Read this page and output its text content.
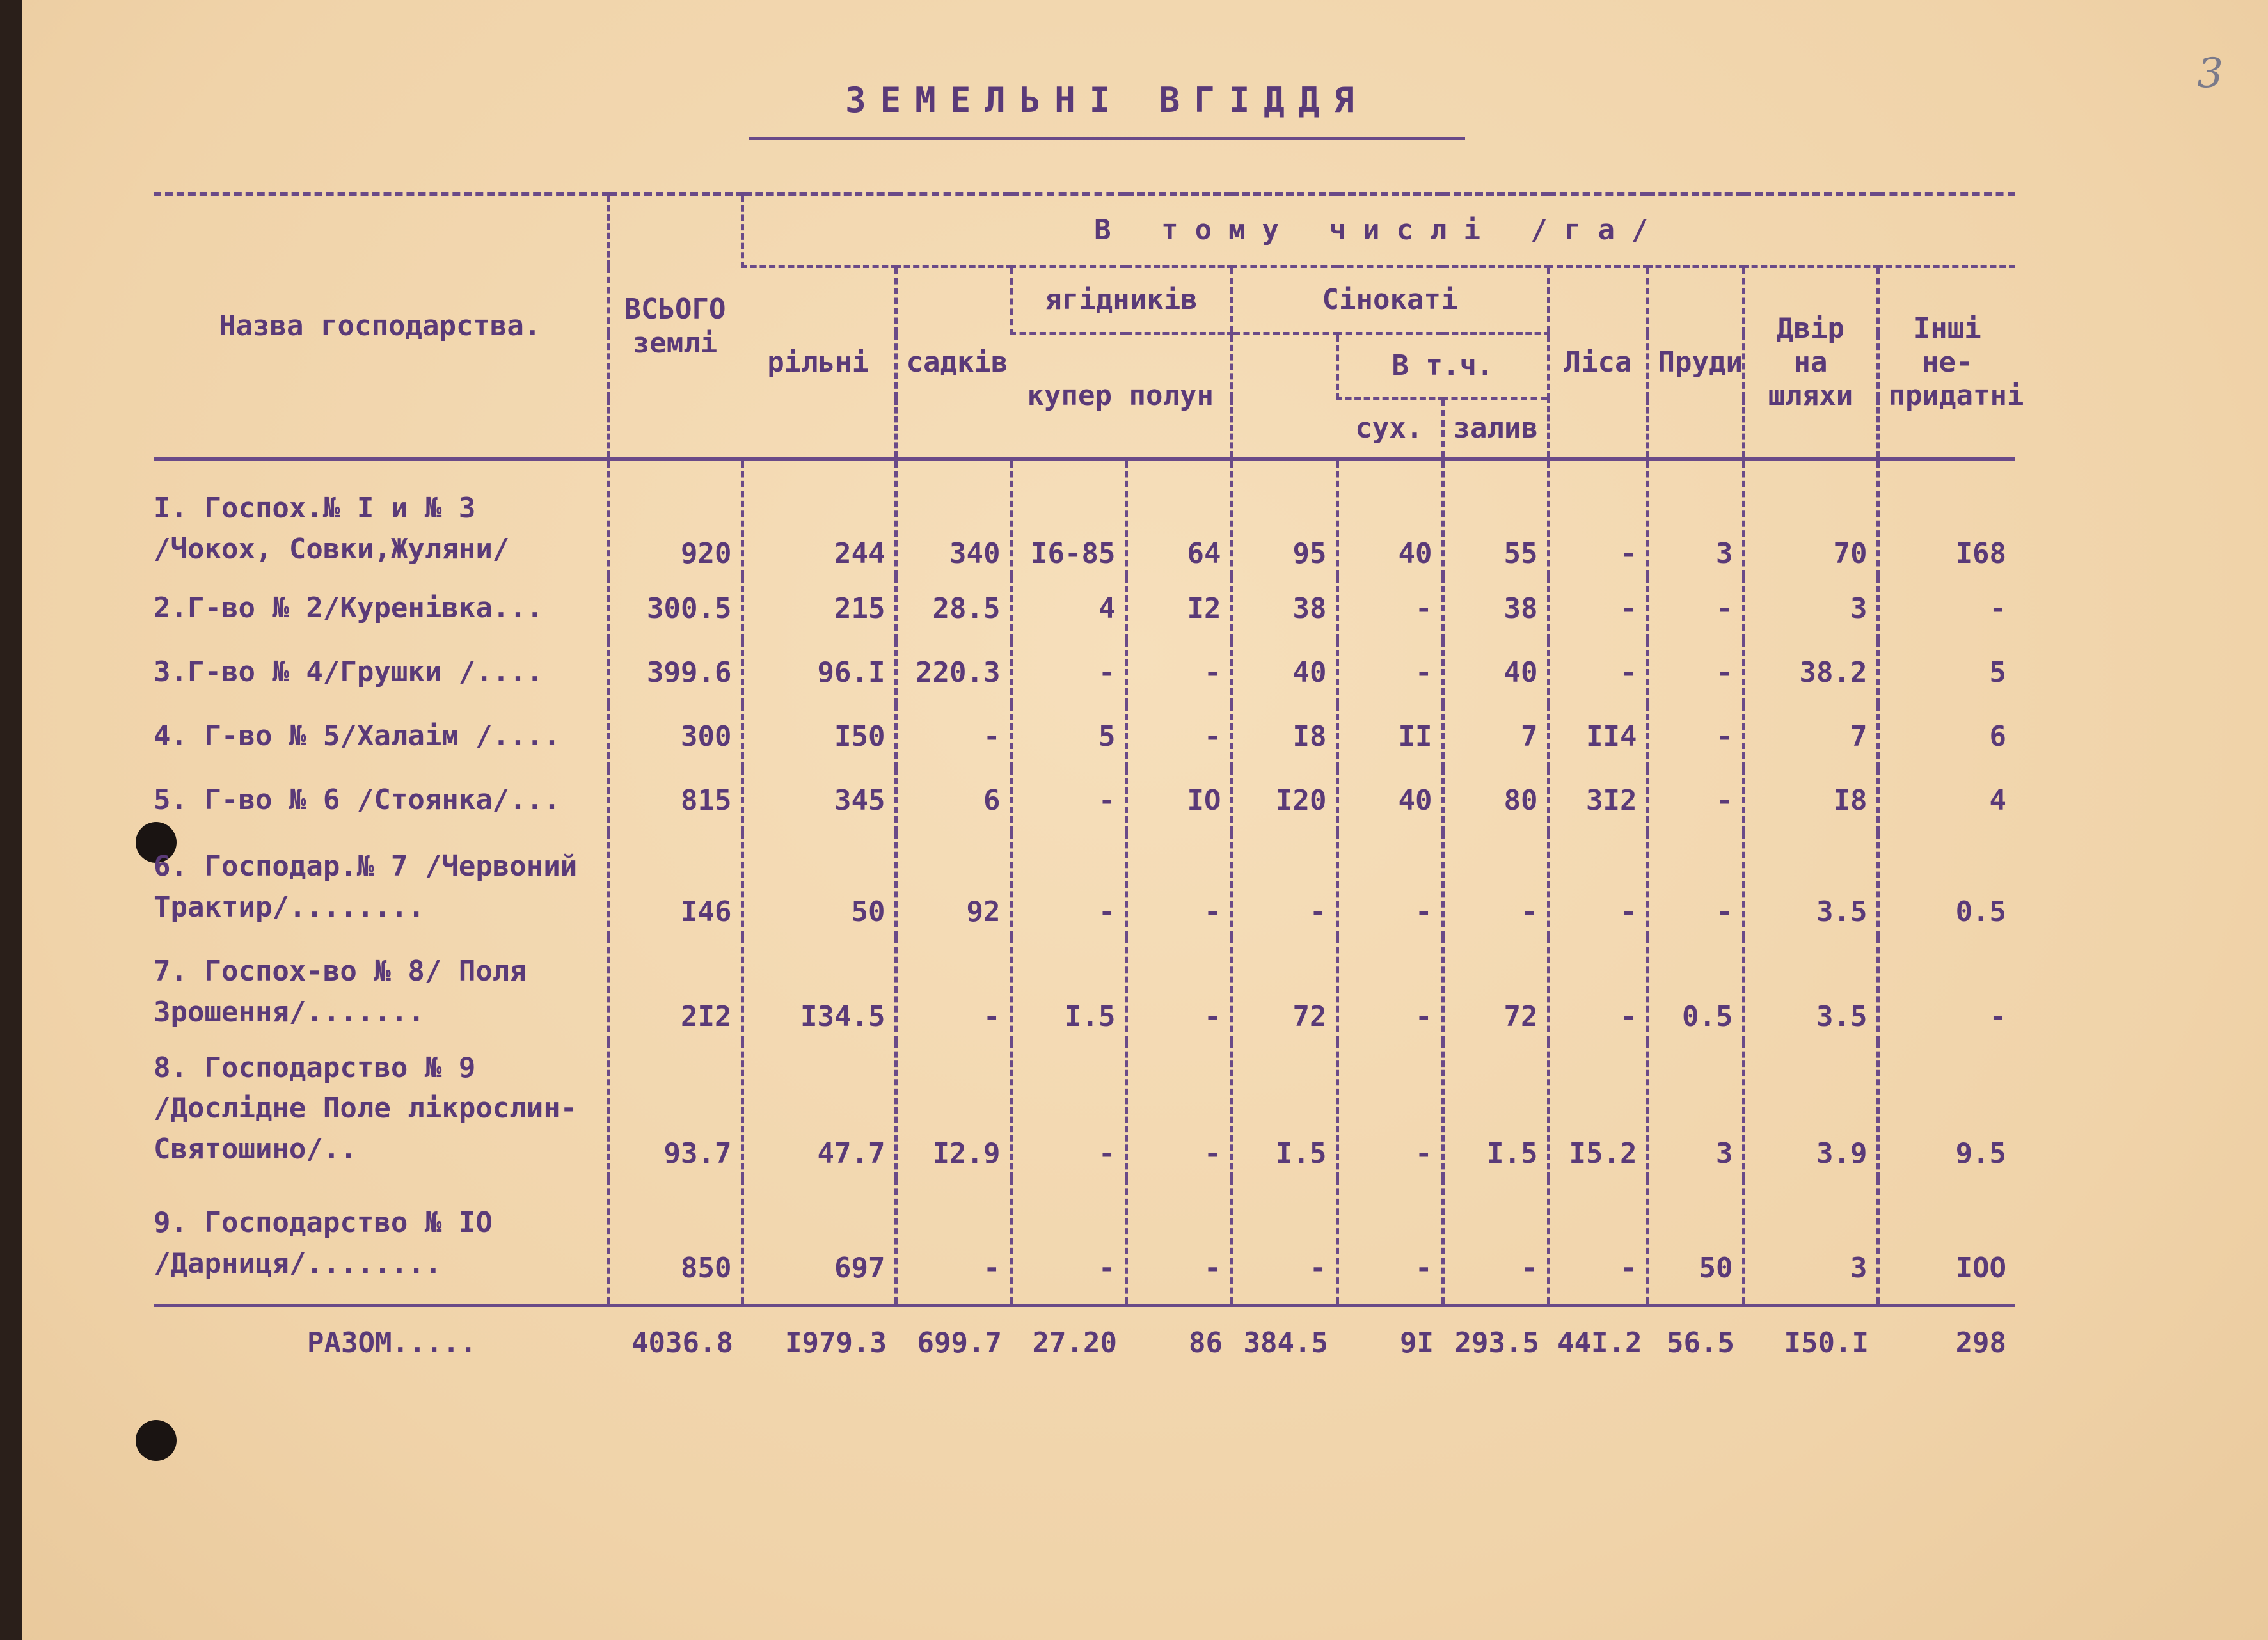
3
ЗЕМЕЛЬНІ ВГІДДЯ
Назва господарства.	ВСЬОГО землі	В тому числі /га/										
		рільні	садків	ягідників		Сінокаті			Ліса	Пруди	Двір на шляхи	Інші не-придатні
				купер полун			В т.ч.					
							сух.	залив				
I. Госпох.№ I и № 3
/Чокох, Совки,Жуляни/	920	244	340	I6-85	64	95	40	55	-	3	70	I68
2.Г-во № 2/Куренівка...	300.5	215	28.5	4	I2	38	-	38	-	-	3	-
3.Г-во № 4/Грушки /....	399.6	96.I	220.3	-	-	40	-	40	-	-	38.2	5
4. Г-во № 5/Халаім /....	300	I50	-	5	-	I8	II	7	II4	-	7	6
5. Г-во № 6 /Стоянка/...	815	345	6	-	IO	I20	40	80	3I2	-	I8	4
6. Господар.№ 7 /Червоний
Трактир/........	I46	50	92	-	-	-	-	-	-	-	3.5	0.5
7. Госпох-во № 8/ Поля
Зрошення/.......	2I2	I34.5	-	I.5	-	72	-	72	-	0.5	3.5	-
8. Господарство № 9
/Дослідне Поле лікрослин-Святошино/..	93.7	47.7	I2.9	-	-	I.5	-	I.5	I5.2	3	3.9	9.5
9. Господарство № IO
/Дарниця/........	850	697	-	-	-	-	-	-	-	50	3	IOO
РАЗОМ.....	4036.8	I979.3	699.7	27.20	86	384.5	9I	293.5	44I.2	56.5	I50.I	298
